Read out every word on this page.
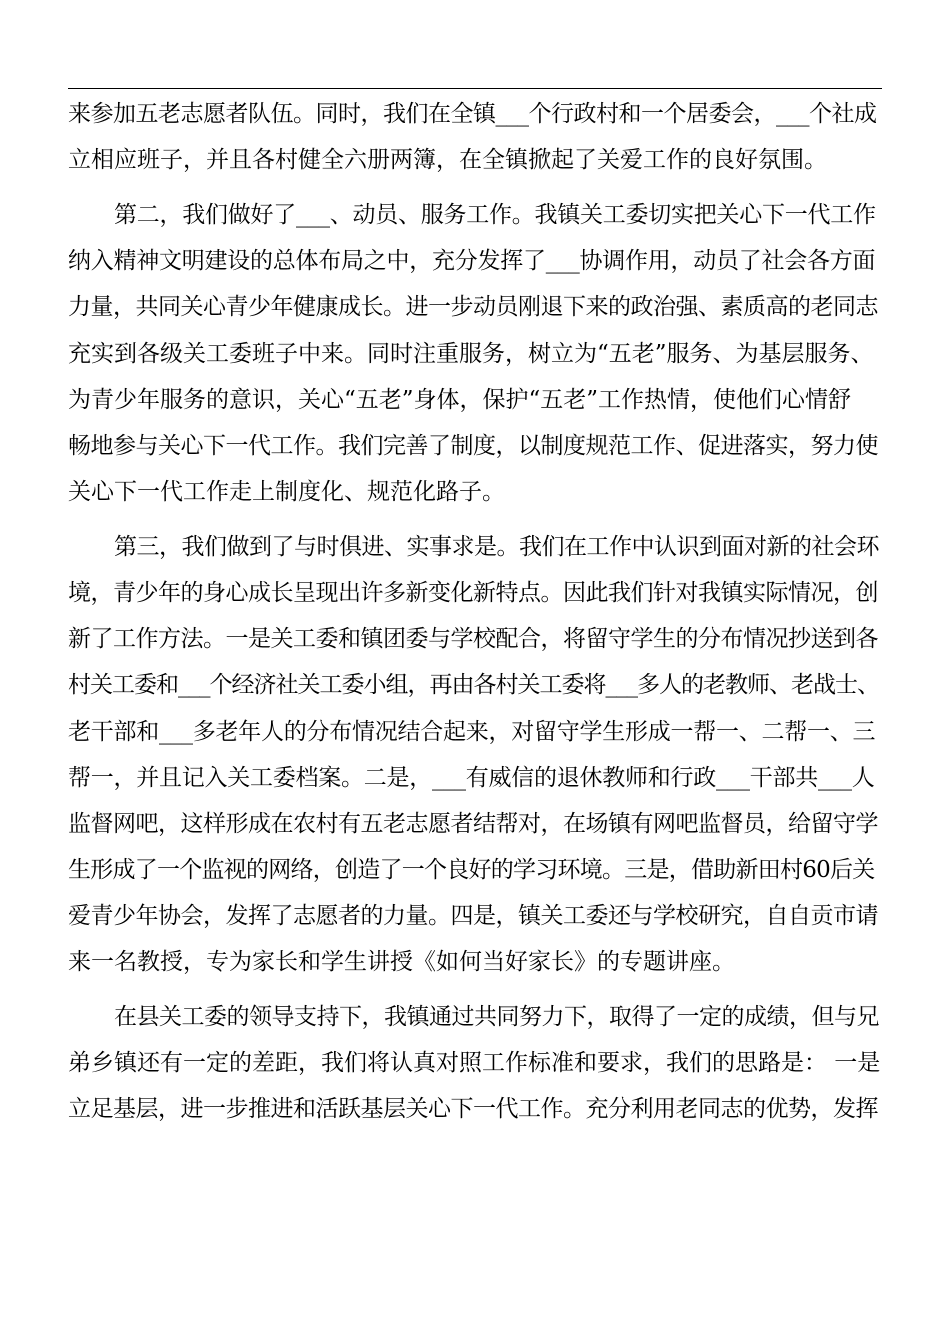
来参加五老志愿者队伍。同时，我们在全镇___个行政村和一个居委会，___个社成
立相应班子，并且各村健全六册两簿，在全镇掀起了关爱工作的良好氛围。
第二，我们做好了___、动员、服务工作。我镇关工委切实把关心下一代工作
纳入精神文明建设的总体布局之中，充分发挥了___协调作用，动员了社会各方面
力量，共同关心青少年健康成长。进一步动员刚退下来的政治强、素质高的老同志
充实到各级关工委班子中来。同时注重服务，树立为“五老”服务、为基层服务、
为青少年服务的意识，关心“五老”身体，保护“五老”工作热情，使他们心情舒
畅地参与关心下一代工作。我们完善了制度，以制度规范工作、促进落实，努力使
关心下一代工作走上制度化、规范化路子。
第三，我们做到了与时俱进、实事求是。我们在工作中认识到面对新的社会环
境，青少年的身心成长呈现出许多新变化新特点。因此我们针对我镇实际情况，创
新了工作方法。一是关工委和镇团委与学校配合，将留守学生的分布情况抄送到各
村关工委和___个经济社关工委小组，再由各村关工委将___多人的老教师、老战士、
老干部和___多老年人的分布情况结合起来，对留守学生形成一帮一、二帮一、三
帮一，并且记入关工委档案。二是，___有威信的退休教师和行政___干部共___人
监督网吧，这样形成在农村有五老志愿者结帮对，在场镇有网吧监督员，给留守学
生形成了一个监视的网络，创造了一个良好的学习环境。三是，借助新田村60后关
爱青少年协会，发挥了志愿者的力量。四是，镇关工委还与学校研究，自自贡市请
来一名教授，专为家长和学生讲授《如何当好家长》的专题讲座。
在县关工委的领导支持下，我镇通过共同努力下，取得了一定的成绩，但与兄
弟乡镇还有一定的差距，我们将认真对照工作标准和要求，我们的思路是： 一是
立足基层，进一步推进和活跃基层关心下一代工作。充分利用老同志的优势，发挥
